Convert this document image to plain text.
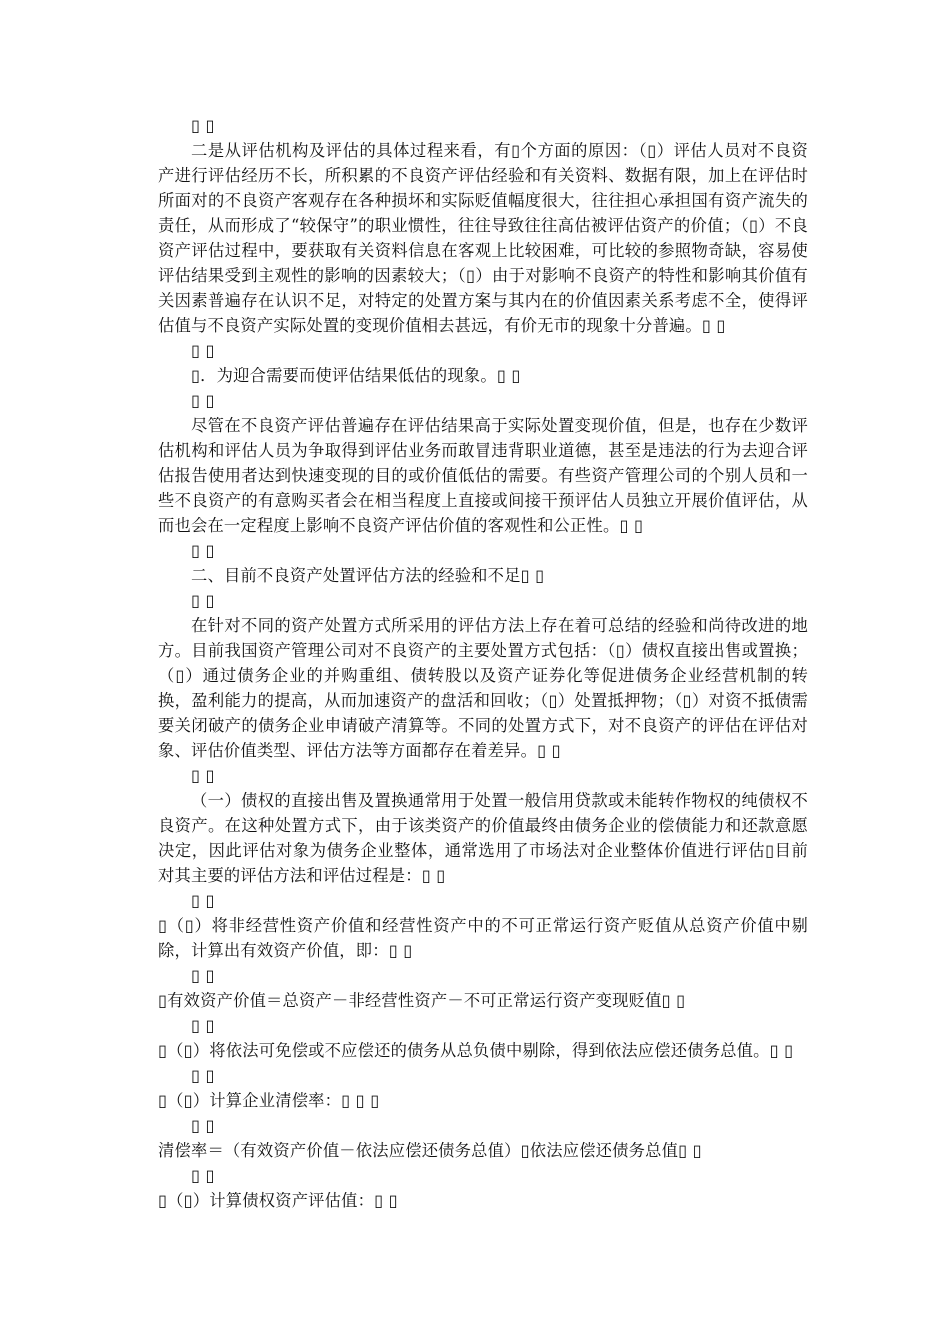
▯ ▯

二是从评估机构及评估的具体过程来看，有▯个方面的原因：（▯）评估人员对不良资产进行评估经历不长，所积累的不良资产评估经验和有关资料、数据有限，加上在评估时所面对的不良资产客观存在各种损坏和实际贬值幅度很大，往往担心承担国有资产流失的责任，从而形成了“较保守”的职业惯性，往往导致往往高估被评估资产的价值；（▯）不良资产评估过程中，要获取有关资料信息在客观上比较困难，可比较的参照物奇缺，容易使评估结果受到主观性的影响的因素较大；（▯）由于对影响不良资产的特性和影响其价值有关因素普遍存在认识不足，对特定的处置方案与其内在的价值因素关系考虑不全，使得评估值与不良资产实际处置的变现价值相去甚远，有价无市的现象十分普遍。▯ ▯

▯ ▯

▯．为迎合需要而使评估结果低估的现象。▯ ▯

▯ ▯

尽管在不良资产评估普遍存在评估结果高于实际处置变现价值，但是，也存在少数评估机构和评估人员为争取得到评估业务而敢冒违背职业道德，甚至是违法的行为去迎合评估报告使用者达到快速变现的目的或价值低估的需要。有些资产管理公司的个别人员和一些不良资产的有意购买者会在相当程度上直接或间接干预评估人员独立开展价值评估，从而也会在一定程度上影响不良资产评估价值的客观性和公正性。▯ ▯

▯ ▯

二、目前不良资产处置评估方法的经验和不足▯ ▯

▯ ▯

在针对不同的资产处置方式所采用的评估方法上存在着可总结的经验和尚待改进的地方。目前我国资产管理公司对不良资产的主要处置方式包括：（▯）债权直接出售或置换；（▯）通过债务企业的并购重组、债转股以及资产证券化等促进债务企业经营机制的转换，盈利能力的提高，从而加速资产的盘活和回收；（▯）处置抵押物；（▯）对资不抵债需要关闭破产的债务企业申请破产清算等。不同的处置方式下，对不良资产的评估在评估对象、评估价值类型、评估方法等方面都存在着差异。▯ ▯

▯ ▯

（一）债权的直接出售及置换通常用于处置一般信用贷款或未能转作物权的纯债权不良资产。在这种处置方式下，由于该类资产的价值最终由债务企业的偿债能力和还款意愿决定，因此评估对象为债务企业整体，通常选用了市场法对企业整体价值进行评估▯目前对其主要的评估方法和评估过程是：▯ ▯

▯ ▯

▯（▯）将非经营性资产价值和经营性资产中的不可正常运行资产贬值从总资产价值中剔除，计算出有效资产价值，即：▯ ▯

▯ ▯

▯有效资产价值＝总资产－非经营性资产－不可正常运行资产变现贬值▯ ▯

▯ ▯

▯（▯）将依法可免偿或不应偿还的债务从总负债中剔除，得到依法应偿还债务总值。▯ ▯

▯ ▯

▯（▯）计算企业清偿率：▯ ▯ ▯

▯ ▯

清偿率＝（有效资产价值－依法应偿还债务总值）▯依法应偿还债务总值▯ ▯

▯ ▯

▯（▯）计算债权资产评估值：▯ ▯
